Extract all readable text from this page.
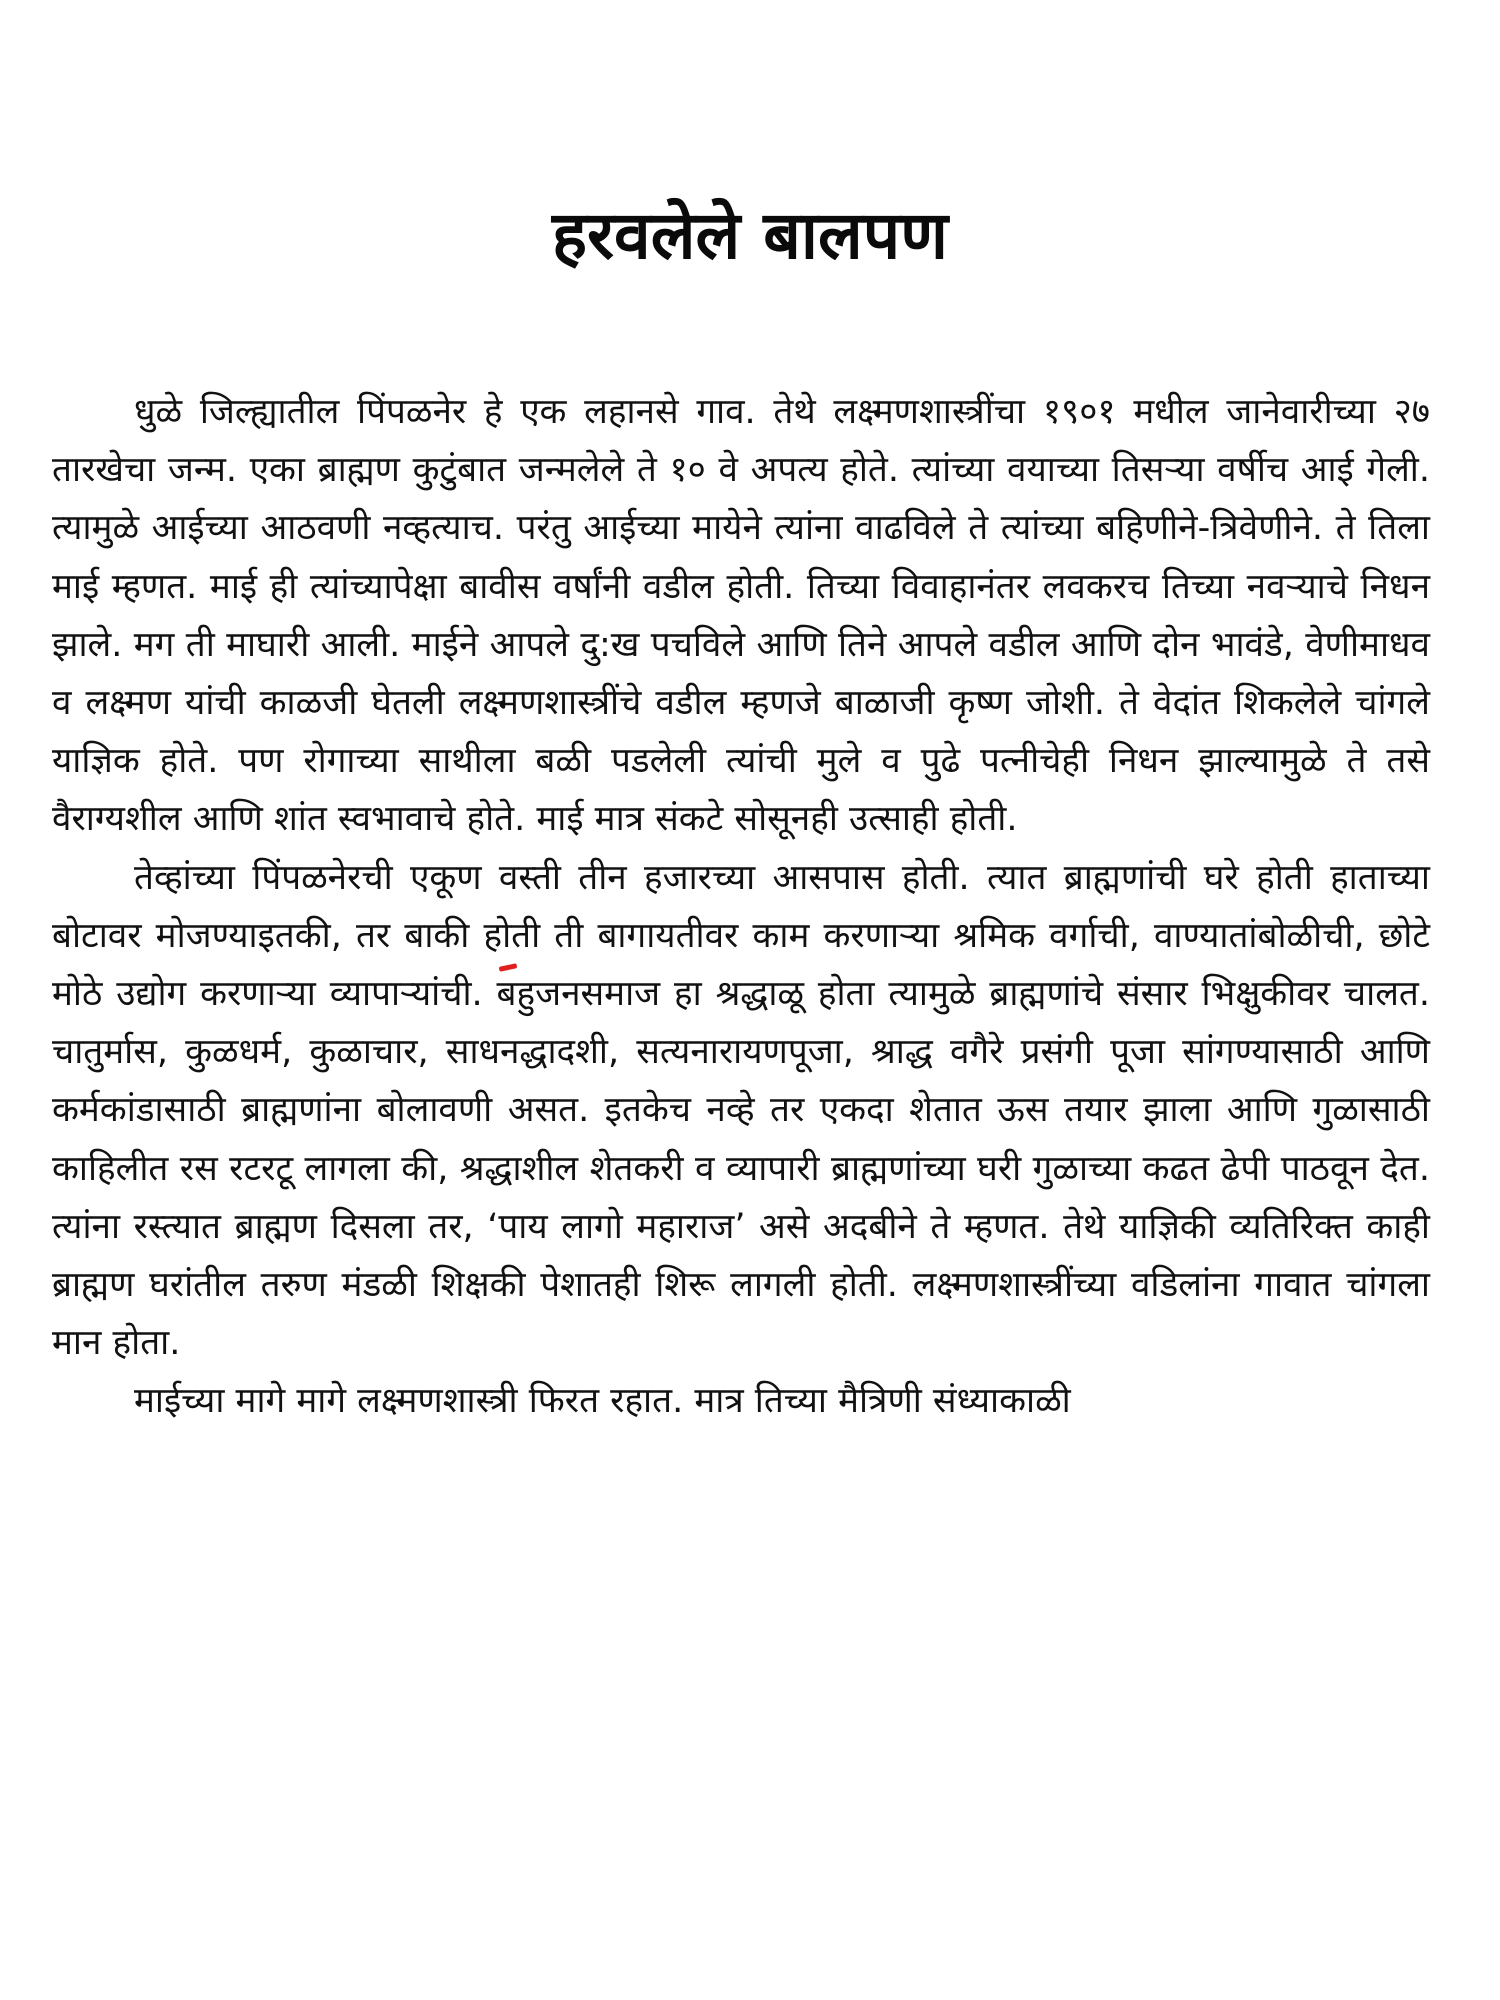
हरवलेले बालपण

धुळे जिल्ह्यातील पिंपळनेर हे एक लहानसे गाव. तेथे लक्ष्मणशास्त्रींचा १९०१ मधील जानेवारीच्या २७ तारखेचा जन्म. एका ब्राह्मण कुटुंबात जन्मलेले ते १० वे अपत्य होते. त्यांच्या वयाच्या तिसऱ्या वर्षीच आई गेली. त्यामुळे आईच्या आठवणी नव्हत्याच. परंतु आईच्या मायेने त्यांना वाढविले ते त्यांच्या बहिणीने-त्रिवेणीने. ते तिला माई म्हणत. माई ही त्यांच्यापेक्षा बावीस वर्षांनी वडील होती. तिच्या विवाहानंतर लवकरच तिच्या नवऱ्याचे निधन झाले. मग ती माघारी आली. माईने आपले दु:ख पचविले आणि तिने आपले वडील आणि दोन भावंडे, वेणीमाधव व लक्ष्मण यांची काळजी घेतली लक्ष्मणशास्त्रींचे वडील म्हणजे बाळाजी कृष्ण जोशी. ते वेदांत शिकलेले चांगले याज्ञिक होते. पण रोगाच्या साथीला बळी पडलेली त्यांची मुले व पुढे पत्नीचेही निधन झाल्यामुळे ते तसे वैराग्यशील आणि शांत स्वभावाचे होते. माई मात्र संकटे सोसूनही उत्साही होती.

तेव्हांच्या पिंपळनेरची एकूण वस्ती तीन हजारच्या आसपास होती. त्यात ब्राह्मणांची घरे होती हाताच्या बोटावर मोजण्याइतकी, तर बाकी होती ती बागायतीवर काम करणाऱ्या श्रमिक वर्गाची, वाण्यातांबोळीची, छोटे मोठे उद्योग करणाऱ्या व्यापाऱ्यांची. बहुजनसमाज हा श्रद्धाळू होता त्यामुळे ब्राह्मणांचे संसार भिक्षुकीवर चालत. चातुर्मास, कुळधर्म, कुळाचार, साधनद्धादशी, सत्यनारायणपूजा, श्राद्ध वगैरे प्रसंगी पूजा सांगण्यासाठी आणि कर्मकांडासाठी ब्राह्मणांना बोलावणी असत. इतकेच नव्हे तर एकदा शेतात ऊस तयार झाला आणि गुळासाठी काहिलीत रस रटरटू लागला की, श्रद्धाशील शेतकरी व व्यापारी ब्राह्मणांच्या घरी गुळाच्या कढत ढेपी पाठवून देत. त्यांना रस्त्यात ब्राह्मण दिसला तर, ‘पाय लागो महाराज’ असे अदबीने ते म्हणत. तेथे याज्ञिकी व्यतिरिक्त काही ब्राह्मण घरांतील तरुण मंडळी शिक्षकी पेशातही शिरू लागली होती. लक्ष्मणशास्त्रींच्या वडिलांना गावात चांगला मान होता.

माईच्या मागे मागे लक्ष्मणशास्त्री फिरत रहात. मात्र तिच्या मैत्रिणी संध्याकाळी
